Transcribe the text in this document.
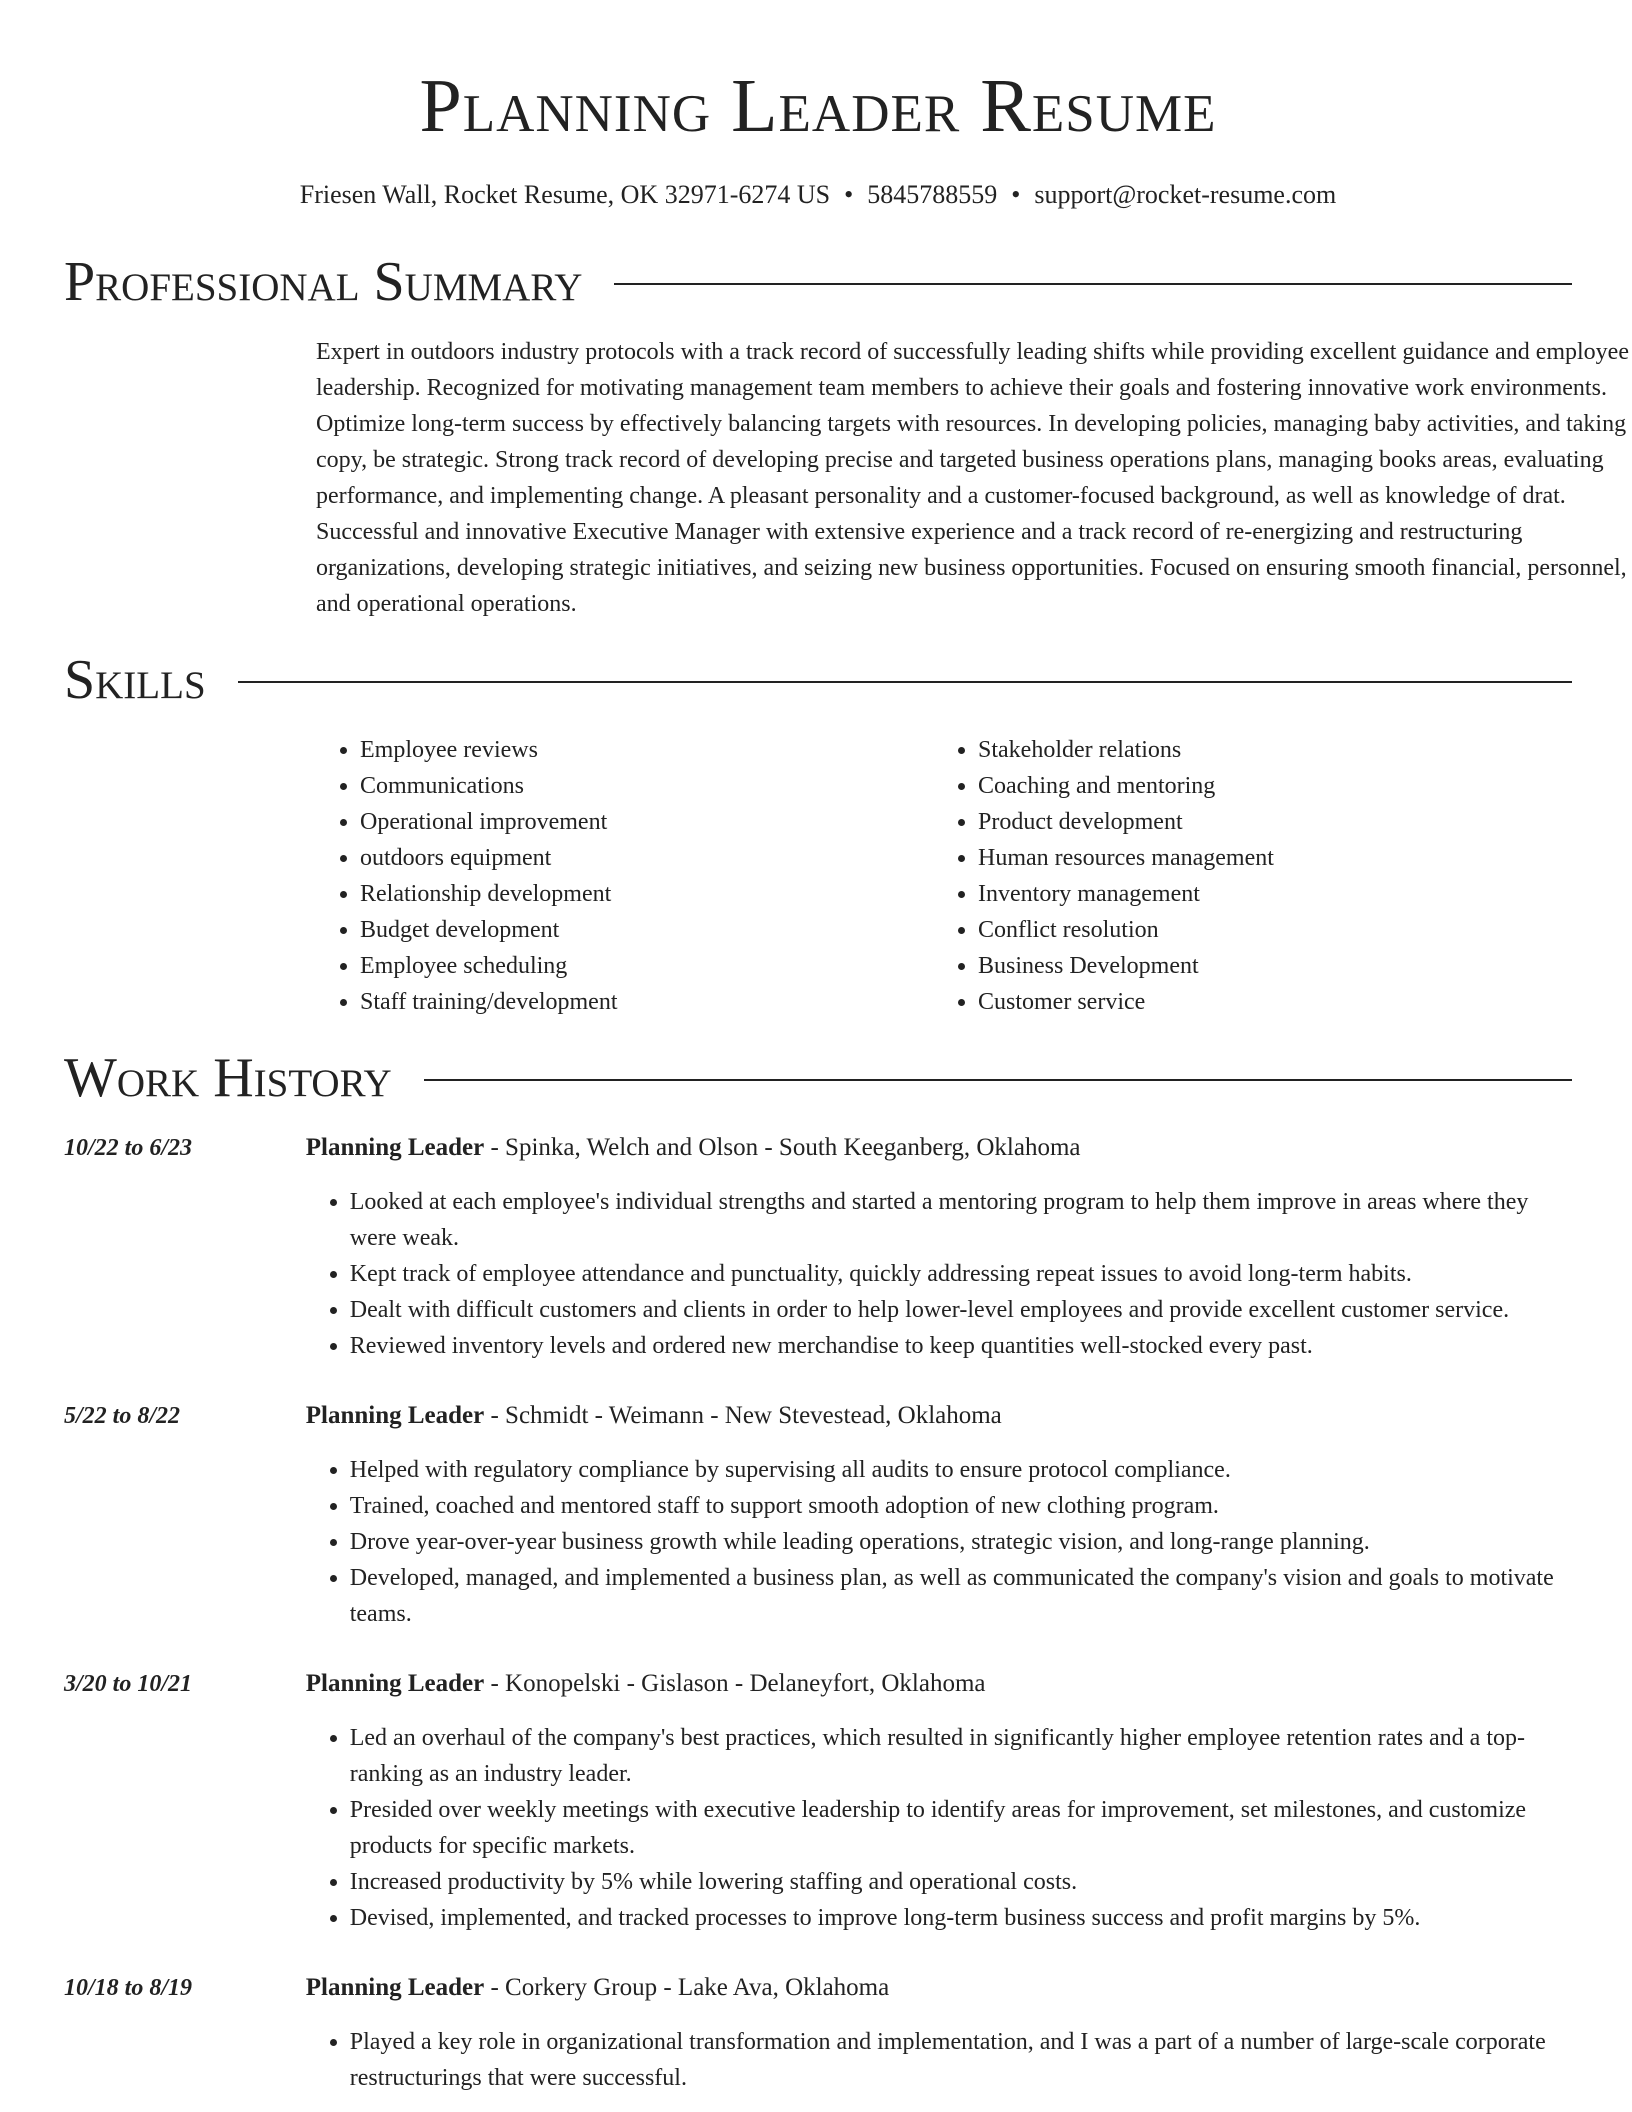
Planning Leader Resume
Friesen Wall, Rocket Resume, OK 32971-6274 US • 5845788559 • support@rocket-resume.com
Professional Summary

Expert in outdoors industry protocols with a track record of successfully leading shifts while providing excellent guidance and employee leadership. Recognized for motivating management team members to achieve their goals and fostering innovative work environments. Optimize long-term success by effectively balancing targets with resources. In developing policies, managing baby activities, and taking copy, be strategic. Strong track record of developing precise and targeted business operations plans, managing books areas, evaluating performance, and implementing change. A pleasant personality and a customer-focused background, as well as knowledge of drat. Successful and innovative Executive Manager with extensive experience and a track record of re-energizing and restructuring organizations, developing strategic initiatives, and seizing new business opportunities. Focused on ensuring smooth financial, personnel, and operational operations.

Skills
• Employee reviews
• Communications
• Operational improvement
• outdoors equipment
• Relationship development
• Budget development
• Employee scheduling
• Staff training/development
• Stakeholder relations
• Coaching and mentoring
• Product development
• Human resources management
• Inventory management
• Conflict resolution
• Business Development
• Customer service
Work History
10/22 to 6/23	Planning Leader - Spinka, Welch and Olson - South Keeganberg, Oklahoma
• Looked at each employee's individual strengths and started a mentoring program to help them improve in areas where they were weak.
• Kept track of employee attendance and punctuality, quickly addressing repeat issues to avoid long-term habits.
• Dealt with difficult customers and clients in order to help lower-level employees and provide excellent customer service.
• Reviewed inventory levels and ordered new merchandise to keep quantities well-stocked every past.
5/22 to 8/22	Planning Leader - Schmidt - Weimann - New Stevestead, Oklahoma
• Helped with regulatory compliance by supervising all audits to ensure protocol compliance.
• Trained, coached and mentored staff to support smooth adoption of new clothing program.
• Drove year-over-year business growth while leading operations, strategic vision, and long-range planning.
• Developed, managed, and implemented a business plan, as well as communicated the company's vision and goals to motivate teams.
3/20 to 10/21	Planning Leader - Konopelski - Gislason - Delaneyfort, Oklahoma
• Led an overhaul of the company's best practices, which resulted in significantly higher employee retention rates and a top-ranking as an industry leader.
• Presided over weekly meetings with executive leadership to identify areas for improvement, set milestones, and customize products for specific markets.
• Increased productivity by 5% while lowering staffing and operational costs.
• Devised, implemented, and tracked processes to improve long-term business success and profit margins by 5%.
10/18 to 8/19	Planning Leader - Corkery Group - Lake Ava, Oklahoma
• Played a key role in organizational transformation and implementation, and I was a part of a number of large-scale corporate restructurings that were successful.
